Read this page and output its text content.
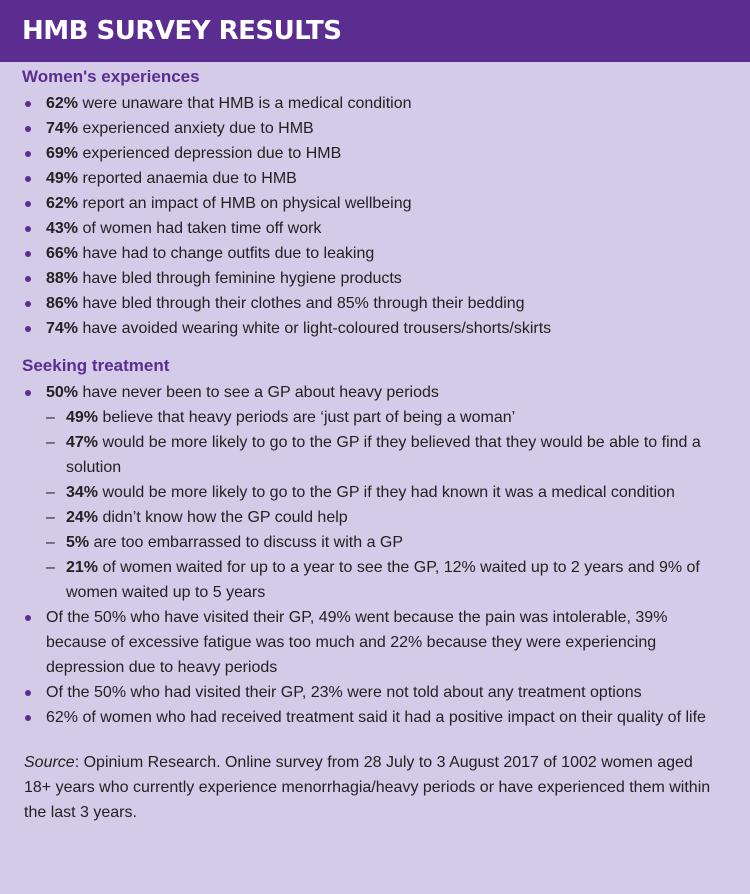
HMB SURVEY RESULTS
Women's experiences
62% were unaware that HMB is a medical condition
74% experienced anxiety due to HMB
69% experienced depression due to HMB
49% reported anaemia due to HMB
62% report an impact of HMB on physical wellbeing
43% of women had taken time off work
66% have had to change outfits due to leaking
88% have bled through feminine hygiene products
86% have bled through their clothes and 85% through their bedding
74% have avoided wearing white or light-coloured trousers/shorts/skirts
Seeking treatment
50% have never been to see a GP about heavy periods
– 49% believe that heavy periods are ‘just part of being a woman’
– 47% would be more likely to go to the GP if they believed that they would be able to find a solution
– 34% would be more likely to go to the GP if they had known it was a medical condition
– 24% didn’t know how the GP could help
– 5% are too embarrassed to discuss it with a GP
– 21% of women waited for up to a year to see the GP, 12% waited up to 2 years and 9% of women waited up to 5 years
Of the 50% who have visited their GP, 49% went because the pain was intolerable, 39% because of excessive fatigue was too much and 22% because they were experiencing depression due to heavy periods
Of the 50% who had visited their GP, 23% were not told about any treatment options
62% of women who had received treatment said it had a positive impact on their quality of life

Source: Opinium Research. Online survey from 28 July to 3 August 2017 of 1002 women aged 18+ years who currently experience menorrhagia/heavy periods or have experienced them within the last 3 years.
